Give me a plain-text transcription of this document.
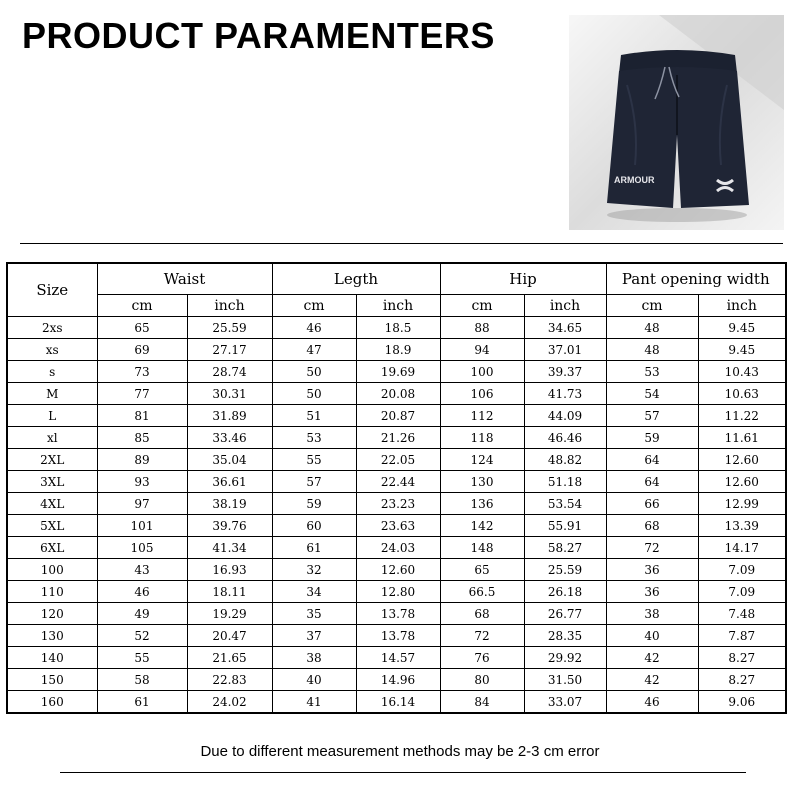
PRODUCT PARAMENTERS
ARMOUR
Size	Waist		Legth		Hip		Pant opening width	
	cm	inch	cm	inch	cm	inch	cm	inch
2xs	65	25.59	46	18.5	88	34.65	48	9.45
xs	69	27.17	47	18.9	94	37.01	48	9.45
s	73	28.74	50	19.69	100	39.37	53	10.43
M	77	30.31	50	20.08	106	41.73	54	10.63
L	81	31.89	51	20.87	112	44.09	57	11.22
xl	85	33.46	53	21.26	118	46.46	59	11.61
2XL	89	35.04	55	22.05	124	48.82	64	12.60
3XL	93	36.61	57	22.44	130	51.18	64	12.60
4XL	97	38.19	59	23.23	136	53.54	66	12.99
5XL	101	39.76	60	23.63	142	55.91	68	13.39
6XL	105	41.34	61	24.03	148	58.27	72	14.17
100	43	16.93	32	12.60	65	25.59	36	7.09
110	46	18.11	34	12.80	66.5	26.18	36	7.09
120	49	19.29	35	13.78	68	26.77	38	7.48
130	52	20.47	37	13.78	72	28.35	40	7.87
140	55	21.65	38	14.57	76	29.92	42	8.27
150	58	22.83	40	14.96	80	31.50	42	8.27
160	61	24.02	41	16.14	84	33.07	46	9.06
Due to different measurement methods may be 2-3 cm error
